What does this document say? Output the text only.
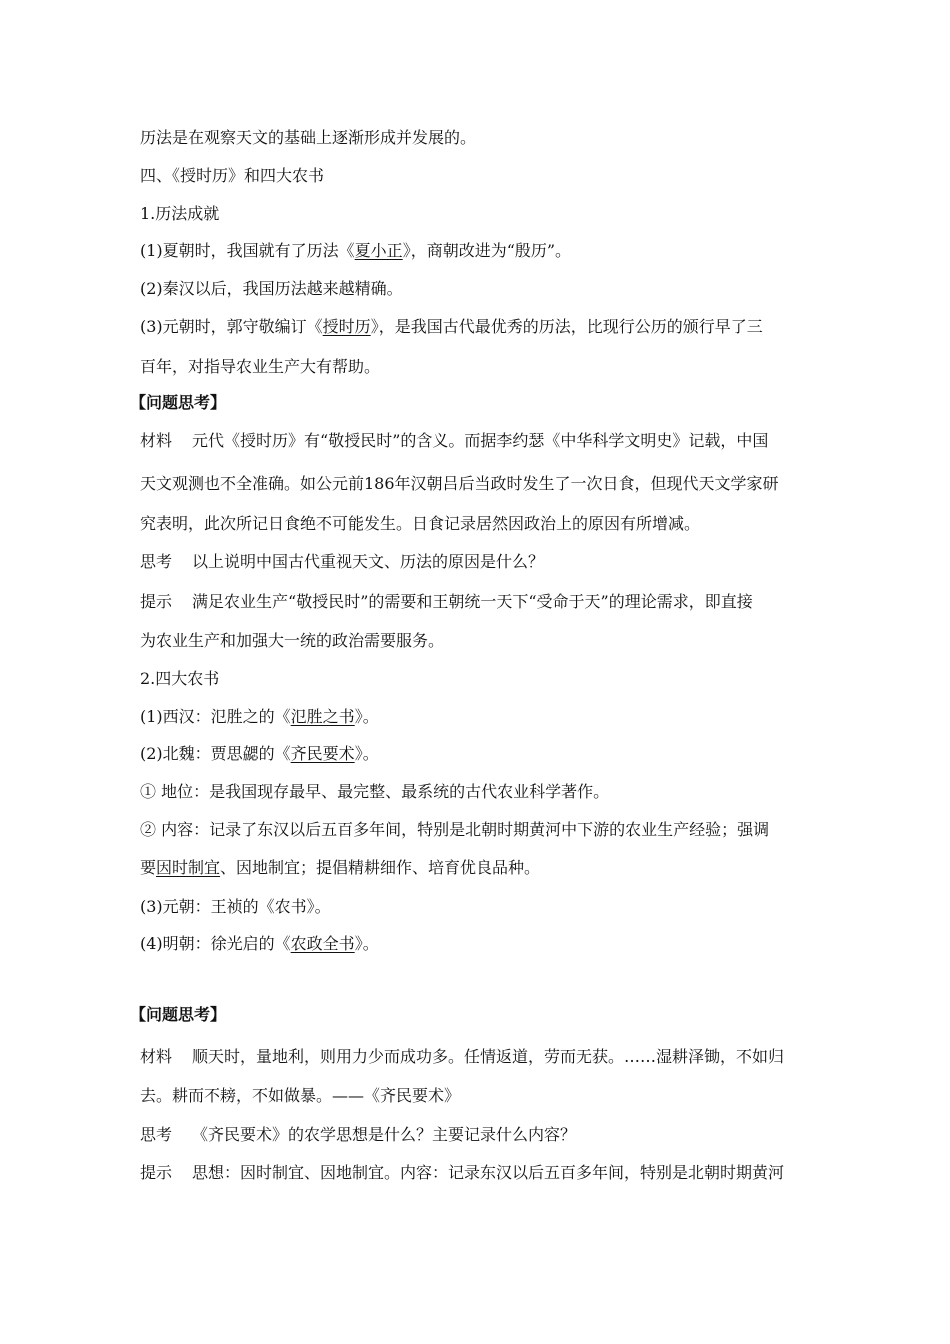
历法是在观察天文的基础上逐渐形成并发展的。
四、《授时历》和四大农书
1.历法成就
(1)夏朝时，我国就有了历法《夏小正》，商朝改进为“殷历”。
(2)秦汉以后，我国历法越来越精确。
(3)元朝时，郭守敬编订《授时历》，是我国古代最优秀的历法，比现行公历的颁行早了三
百年，对指导农业生产大有帮助。
【问题思考】
材料 元代《授时历》有“敬授民时”的含义。而据李约瑟《中华科学文明史》记载，中国
天文观测也不全准确。如公元前186年汉朝吕后当政时发生了一次日食，但现代天文学家研
究表明，此次所记日食绝不可能发生。日食记录居然因政治上的原因有所增减。
思考 以上说明中国古代重视天文、历法的原因是什么？
提示 满足农业生产“敬授民时”的需要和王朝统一天下“受命于天”的理论需求，即直接
为农业生产和加强大一统的政治需要服务。
2.四大农书
(1)西汉：氾胜之的《氾胜之书》。
(2)北魏：贾思勰的《齐民要术》。
① 地位：是我国现存最早、最完整、最系统的古代农业科学著作。
② 内容：记录了东汉以后五百多年间，特别是北朝时期黄河中下游的农业生产经验；强调
要因时制宜、因地制宜；提倡精耕细作、培育优良品种。
(3)元朝：王祯的《农书》。
(4)明朝：徐光启的《农政全书》。
【问题思考】
材料 顺天时，量地利，则用力少而成功多。任情返道，劳而无获。……湿耕泽锄，不如归
去。耕而不耪，不如做暴。——《齐民要术》
思考 《齐民要术》的农学思想是什么？主要记录什么内容？
提示 思想：因时制宜、因地制宜。内容：记录东汉以后五百多年间，特别是北朝时期黄河
